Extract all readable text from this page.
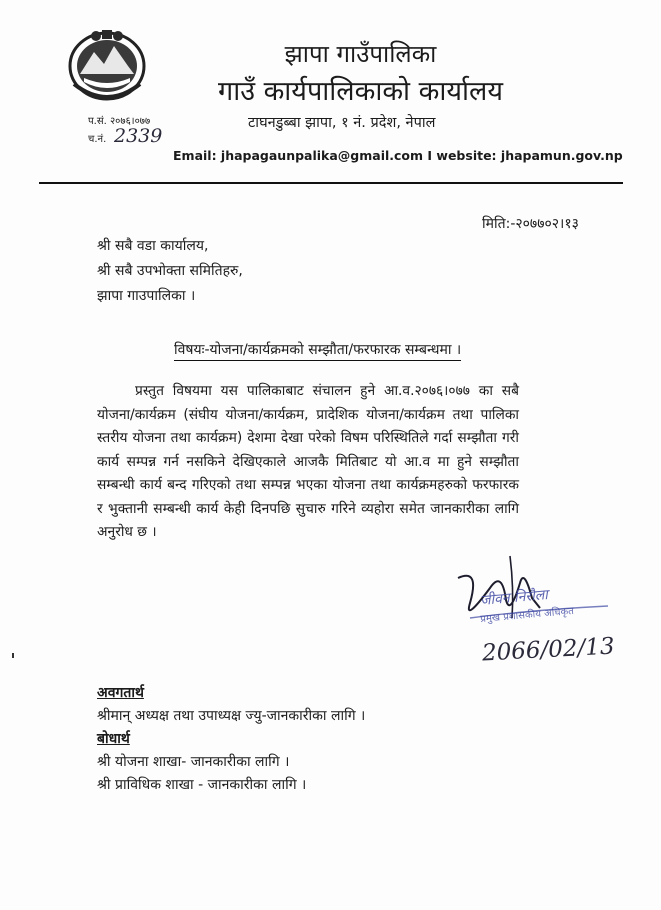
झापा गाउँपालिका
गाउँ कार्यपालिकाको कार्यालय
टाघनडुब्बा झापा, १ नं. प्रदेश, नेपाल
प.सं. २०७६।०७७
च.नं. 2339
Email: jhapagaunpalika@gmail.com I website: jhapamun.gov.np
मिति:-२०७७०२।१३
श्री सबै वडा कार्यालय,
श्री सबै उपभोक्ता समितिहरु,
झापा गाउपालिका ।
विषयः-योजना/कार्यक्रमको सम्झौता/फरफारक सम्बन्धमा ।
प्रस्तुत विषयमा यस पालिकाबाट संचालन हुने आ.व.२०७६।०७७ का सबै योजना/कार्यक्रम (संघीय योजना/कार्यक्रम, प्रादेशिक योजना/कार्यक्रम तथा पालिका स्तरीय योजना तथा कार्यक्रम) देशमा देखा परेको विषम परिस्थितिले गर्दा सम्झौता गरी कार्य सम्पन्न गर्न नसकिने देखिएकाले आजकै मितिबाट यो आ.व मा हुने सम्झौता सम्बन्धी कार्य बन्द गरिएको तथा सम्पन्न भएका योजना तथा कार्यक्रमहरुको फरफारक र भुक्तानी सम्बन्धी कार्य केही दिनपछि सुचारु गरिने व्यहोरा समेत जानकारीका लागि अनुरोध छ ।
जीवन निरौला
प्रमुख प्रशासकीय अधिकृत
2066/02/13
अवगतार्थ
श्रीमान् अध्यक्ष तथा उपाध्यक्ष ज्यु-जानकारीका लागि ।
बोधार्थ
श्री योजना शाखा- जानकारीका लागि ।
श्री प्राविधिक शाखा - जानकारीका लागि ।
